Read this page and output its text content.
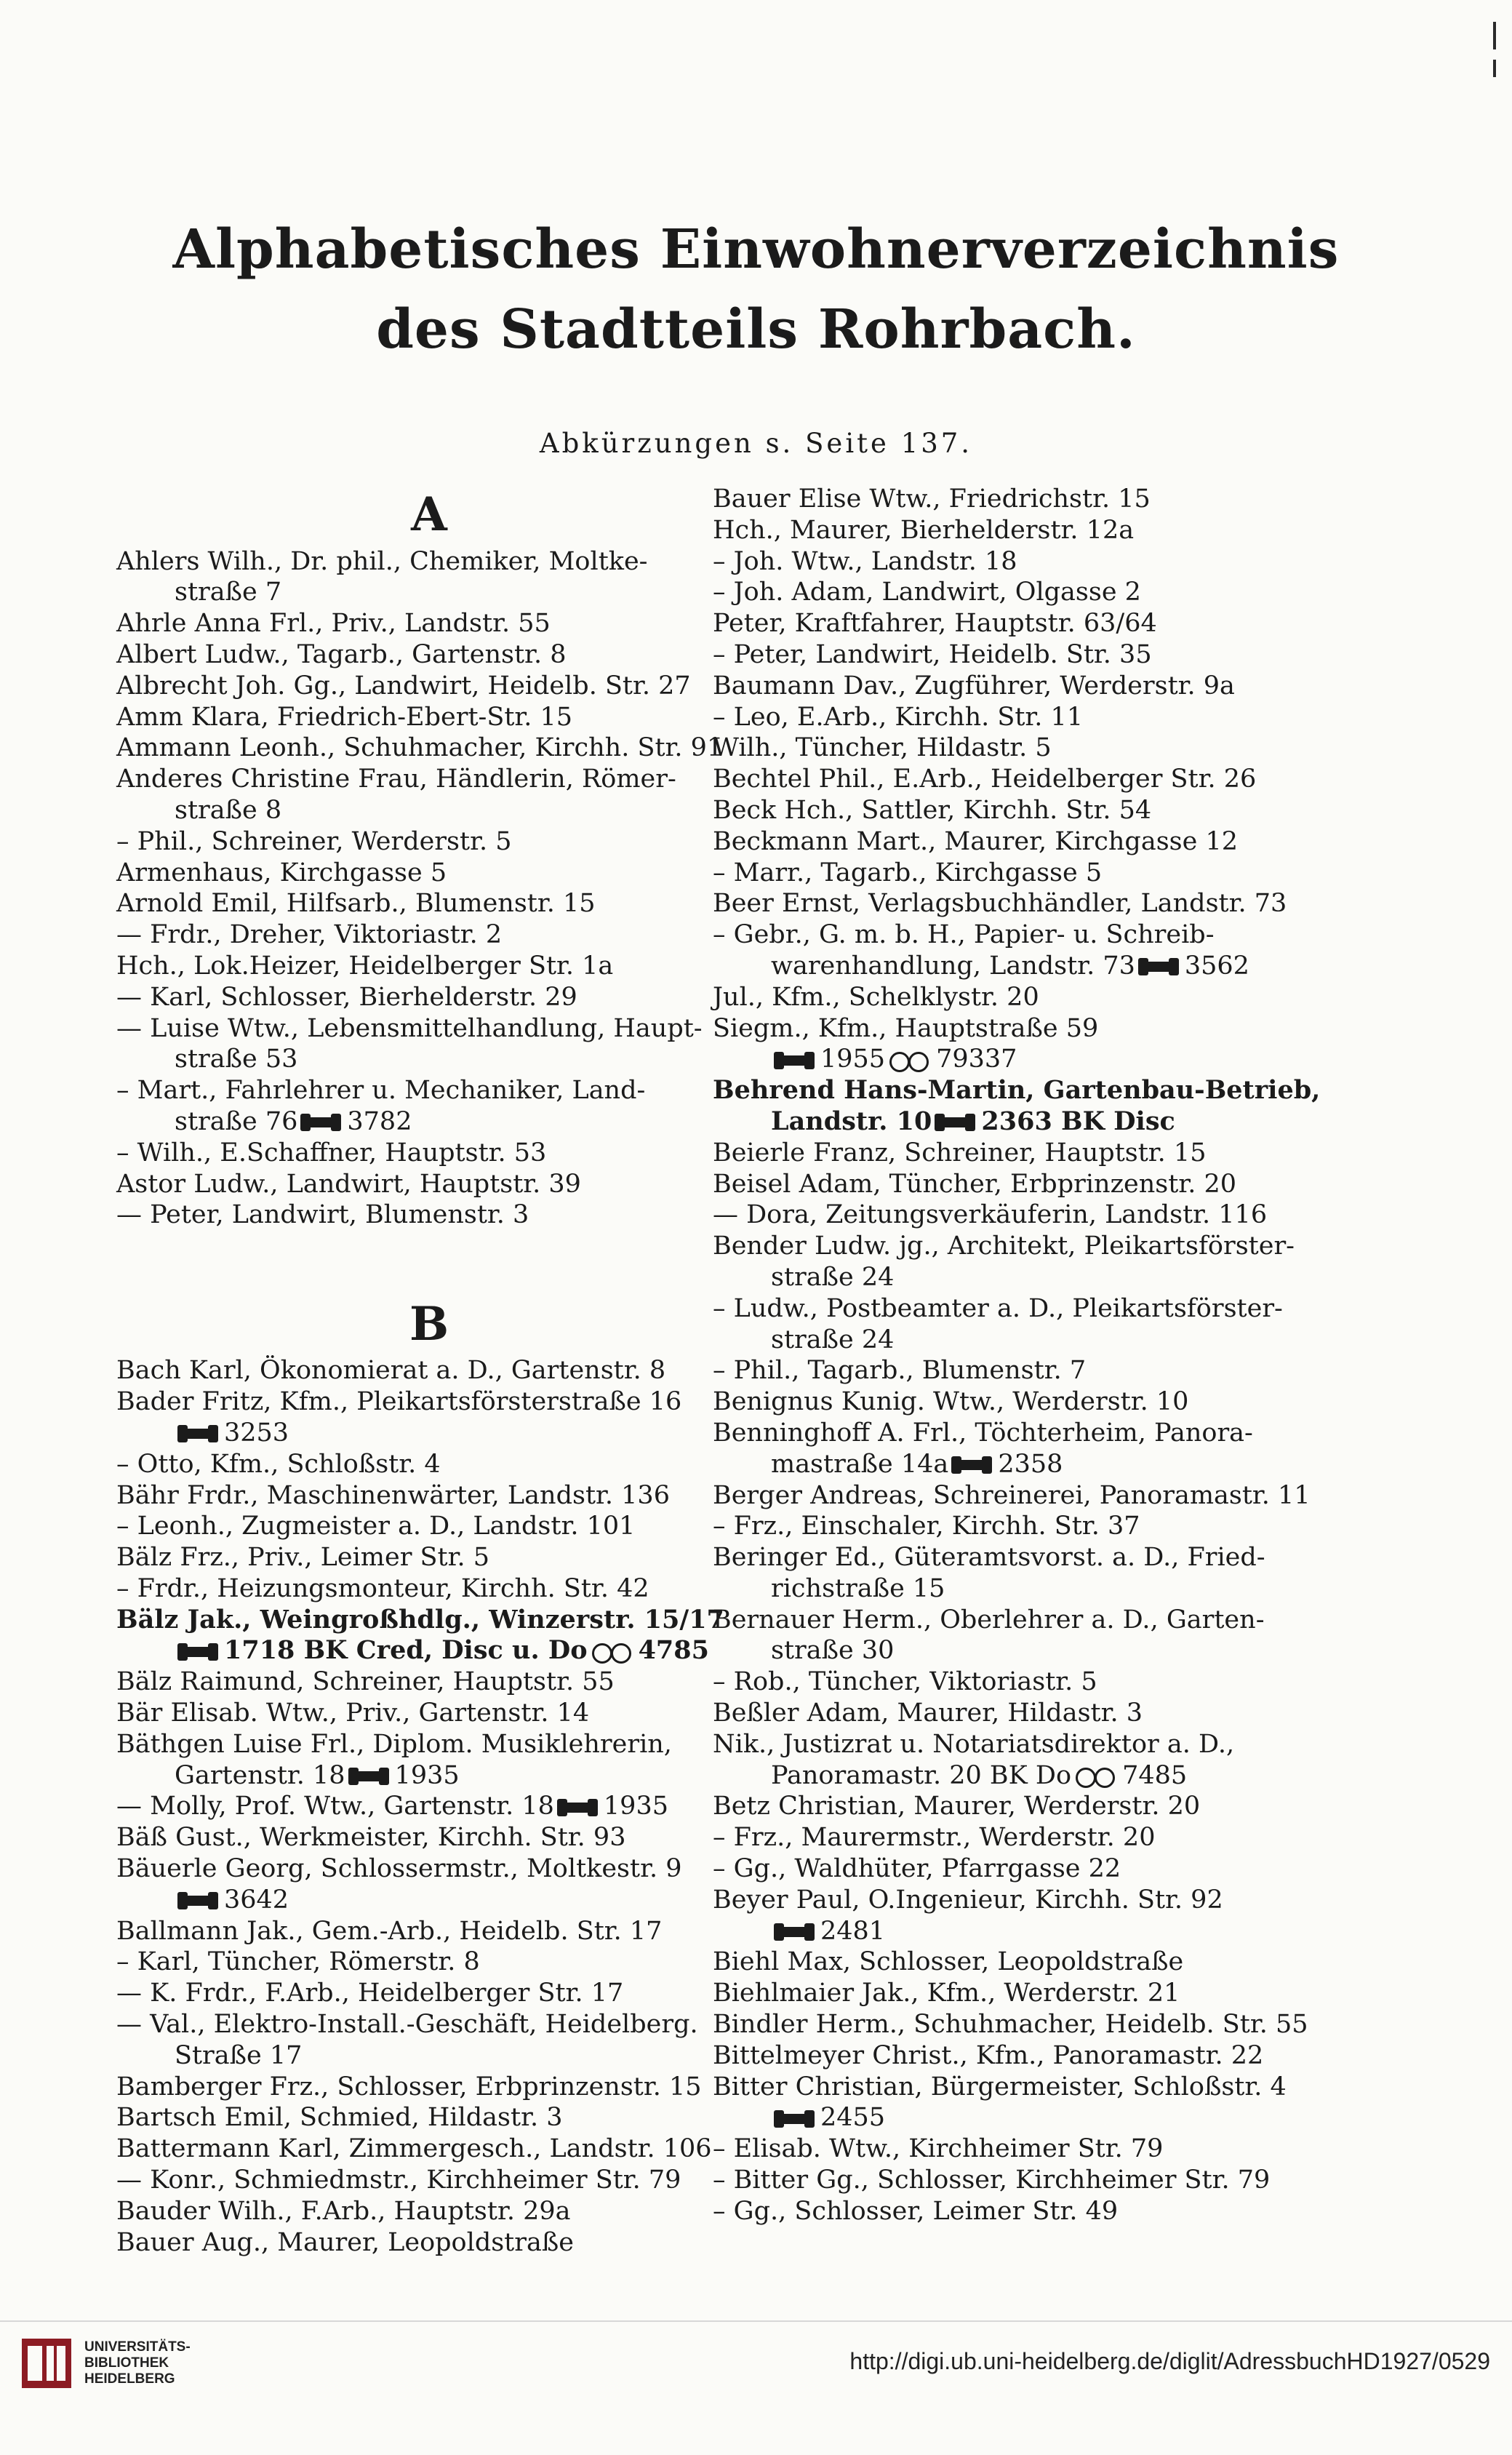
Alphabetisches Einwohnerverzeichnis
des Stadtteils Rohrbach.
Abkürzungen s. Seite 137.
A

Ahlers Wilh., Dr. phil., Chemiker, Moltke-
straße 7

Ahrle Anna Frl., Priv., Landstr. 55

Albert Ludw., Tagarb., Gartenstr. 8

Albrecht Joh. Gg., Landwirt, Heidelb. Str. 27

Amm Klara, Friedrich-Ebert-Str. 15

Ammann Leonh., Schuhmacher, Kirchh. Str. 91

Anderes Christine Frau, Händlerin, Römer-
straße 8

– Phil., Schreiner, Werderstr. 5

Armenhaus, Kirchgasse 5

Arnold Emil, Hilfsarb., Blumenstr. 15

— Frdr., Dreher, Viktoriastr. 2

Hch., Lok.Heizer, Heidelberger Str. 1a

— Karl, Schlosser, Bierhelderstr. 29

— Luise Wtw., Lebensmittelhandlung, Haupt-
straße 53

– Mart., Fahrlehrer u. Mechaniker, Land-
straße 76 3782

– Wilh., E.Schaffner, Hauptstr. 53

Astor Ludw., Landwirt, Hauptstr. 39

— Peter, Landwirt, Blumenstr. 3

B

Bach Karl, Ökonomierat a. D., Gartenstr. 8

Bader Fritz, Kfm., Pleikartsförsterstraße 16
3253

– Otto, Kfm., Schloßstr. 4

Bähr Frdr., Maschinenwärter, Landstr. 136

– Leonh., Zugmeister a. D., Landstr. 101

Bälz Frz., Priv., Leimer Str. 5

– Frdr., Heizungsmonteur, Kirchh. Str. 42

Bälz Jak., Weingroßhdlg., Winzerstr. 15/17
1718 BK Cred, Disc u. Do 4785

Bälz Raimund, Schreiner, Hauptstr. 55

Bär Elisab. Wtw., Priv., Gartenstr. 14

Bäthgen Luise Frl., Diplom. Musiklehrerin,
Gartenstr. 18 1935

— Molly, Prof. Wtw., Gartenstr. 18 1935

Bäß Gust., Werkmeister, Kirchh. Str. 93

Bäuerle Georg, Schlossermstr., Moltkestr. 9
3642

Ballmann Jak., Gem.-Arb., Heidelb. Str. 17

– Karl, Tüncher, Römerstr. 8

— K. Frdr., F.Arb., Heidelberger Str. 17

— Val., Elektro-Install.-Geschäft, Heidelberg.
Straße 17

Bamberger Frz., Schlosser, Erbprinzenstr. 15

Bartsch Emil, Schmied, Hildastr. 3

Battermann Karl, Zimmergesch., Landstr. 106

— Konr., Schmiedmstr., Kirchheimer Str. 79

Bauder Wilh., F.Arb., Hauptstr. 29a

Bauer Aug., Maurer, Leopoldstraße

Bauer Elise Wtw., Friedrichstr. 15

Hch., Maurer, Bierhelderstr. 12a

– Joh. Wtw., Landstr. 18

– Joh. Adam, Landwirt, Olgasse 2

Peter, Kraftfahrer, Hauptstr. 63/64

– Peter, Landwirt, Heidelb. Str. 35

Baumann Dav., Zugführer, Werderstr. 9a

– Leo, E.Arb., Kirchh. Str. 11

Wilh., Tüncher, Hildastr. 5

Bechtel Phil., E.Arb., Heidelberger Str. 26

Beck Hch., Sattler, Kirchh. Str. 54

Beckmann Mart., Maurer, Kirchgasse 12

– Marr., Tagarb., Kirchgasse 5

Beer Ernst, Verlagsbuchhändler, Landstr. 73

– Gebr., G. m. b. H., Papier- u. Schreib-
warenhandlung, Landstr. 73 3562

Jul., Kfm., Schelklystr. 20

Siegm., Kfm., Hauptstraße 59
1955 79337

Behrend Hans-Martin, Gartenbau-Betrieb,
Landstr. 10 2363 BK Disc

Beierle Franz, Schreiner, Hauptstr. 15

Beisel Adam, Tüncher, Erbprinzenstr. 20

— Dora, Zeitungsverkäuferin, Landstr. 116

Bender Ludw. jg., Architekt, Pleikartsförster-
straße 24

– Ludw., Postbeamter a. D., Pleikartsförster-
straße 24

– Phil., Tagarb., Blumenstr. 7

Benignus Kunig. Wtw., Werderstr. 10

Benninghoff A. Frl., Töchterheim, Panora-
mastraße 14a 2358

Berger Andreas, Schreinerei, Panoramastr. 11

– Frz., Einschaler, Kirchh. Str. 37

Beringer Ed., Güteramtsvorst. a. D., Fried-
richstraße 15

Bernauer Herm., Oberlehrer a. D., Garten-
straße 30

– Rob., Tüncher, Viktoriastr. 5

Beßler Adam, Maurer, Hildastr. 3

Nik., Justizrat u. Notariatsdirektor a. D.,
Panoramastr. 20 BK Do 7485

Betz Christian, Maurer, Werderstr. 20

– Frz., Maurermstr., Werderstr. 20

– Gg., Waldhüter, Pfarrgasse 22

Beyer Paul, O.Ingenieur, Kirchh. Str. 92
2481

Biehl Max, Schlosser, Leopoldstraße

Biehlmaier Jak., Kfm., Werderstr. 21

Bindler Herm., Schuhmacher, Heidelb. Str. 55

Bittelmeyer Christ., Kfm., Panoramastr. 22

Bitter Christian, Bürgermeister, Schloßstr. 4
2455

– Elisab. Wtw., Kirchheimer Str. 79

– Bitter Gg., Schlosser, Kirchheimer Str. 79

– Gg., Schlosser, Leimer Str. 49

UNIVERSITÄTS-
BIBLIOTHEK
HEIDELBERG
http://digi.ub.uni-heidelberg.de/diglit/AdressbuchHD1927/0529
